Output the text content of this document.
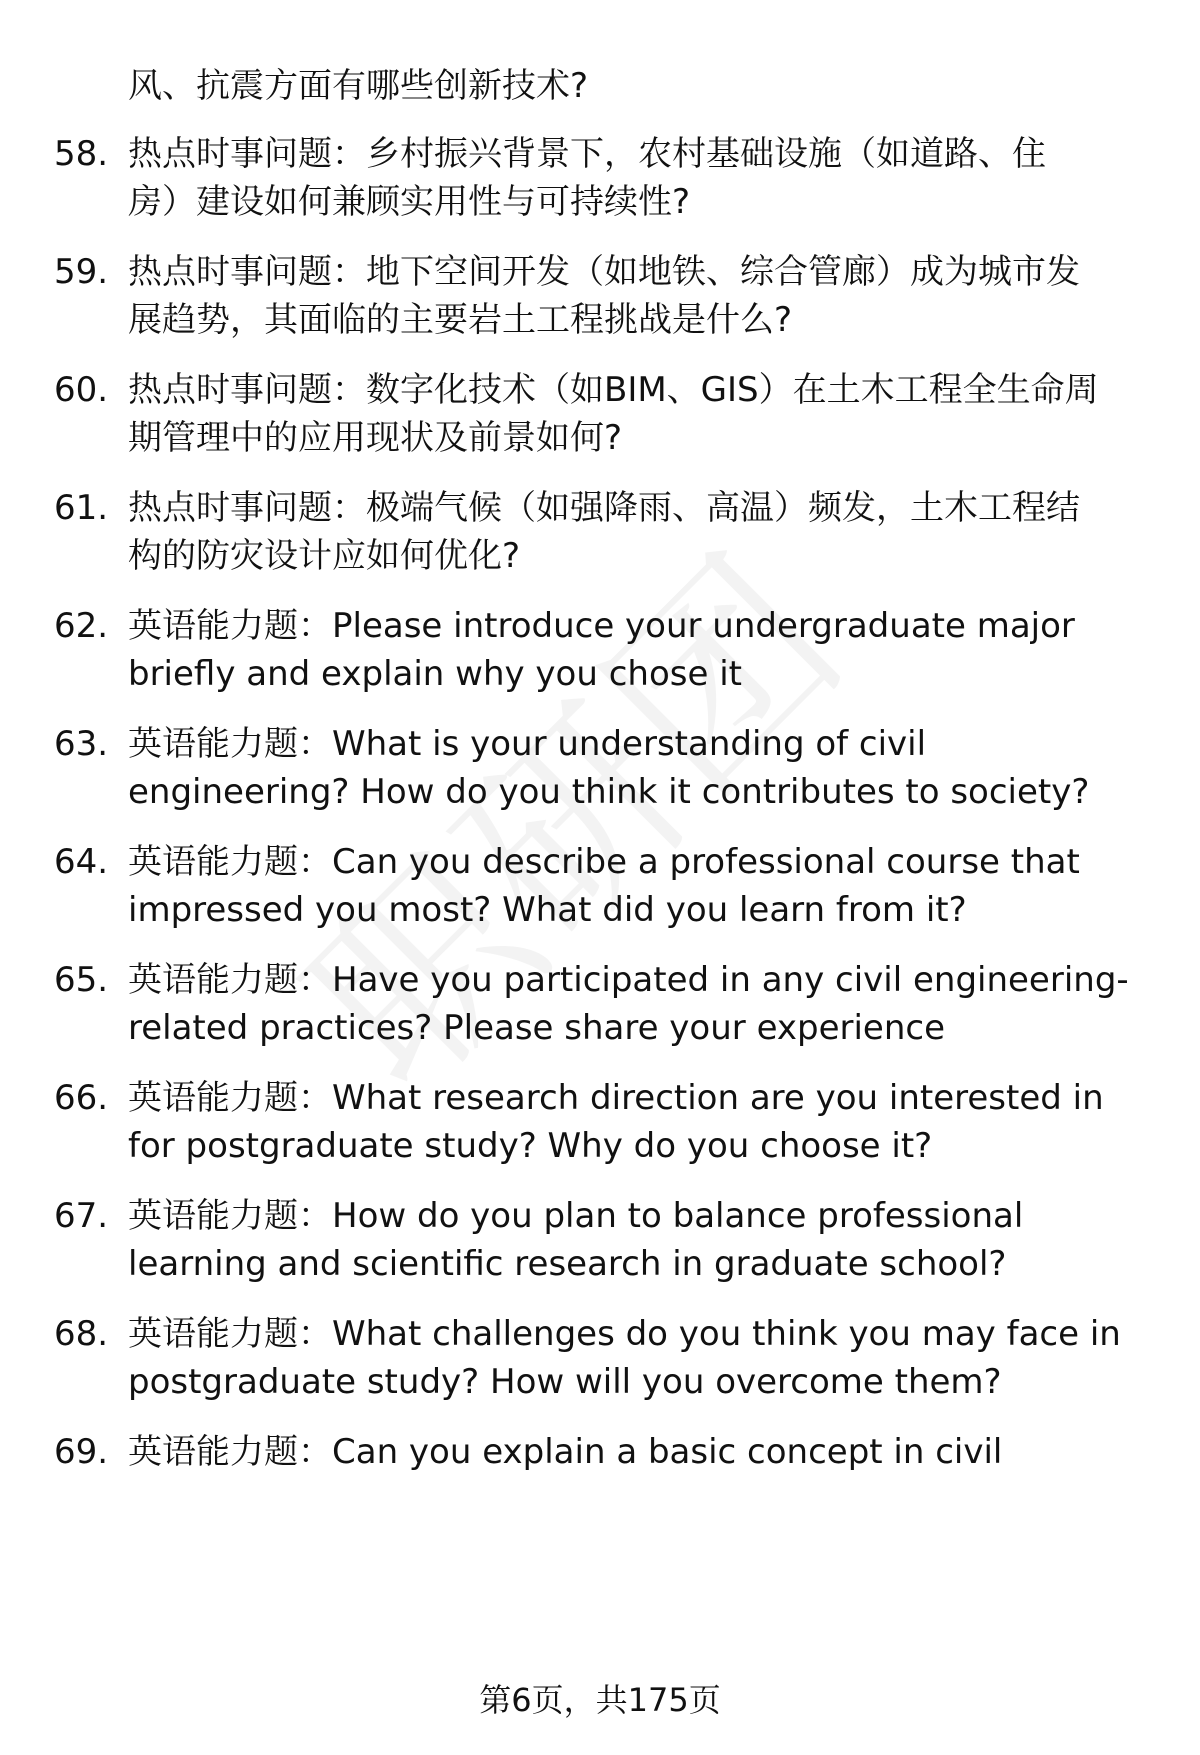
风、抗震方面有哪些创新技术?
58. 热点时事问题：乡村振兴背景下，农村基础设施（如道路、住
房）建设如何兼顾实用性与可持续性?
59. 热点时事问题：地下空间开发（如地铁、综合管廊）成为城市发
展趋势，其面临的主要岩土工程挑战是什么?
60. 热点时事问题：数字化技术（如BIM、GIS）在土木工程全生命周
期管理中的应用现状及前景如何?
61. 热点时事问题：极端气候（如强降雨、高温）频发，土木工程结
构的防灾设计应如何优化?
62. 英语能力题：Please introduce your undergraduate major
briefly and explain why you chose it
63. 英语能力题：What is your understanding of civil
engineering? How do you think it contributes to society?
64. 英语能力题：Can you describe a professional course that
impressed you most? What did you learn from it?
65. 英语能力题：Have you participated in any civil engineering-
related practices? Please share your experience
66. 英语能力题：What research direction are you interested in
for postgraduate study? Why do you choose it?
67. 英语能力题：How do you plan to balance professional
learning and scientific research in graduate school?
68. 英语能力题：What challenges do you think you may face in
postgraduate study? How will you overcome them?
69. 英语能力题：Can you explain a basic concept in civil
第6页，共175页
